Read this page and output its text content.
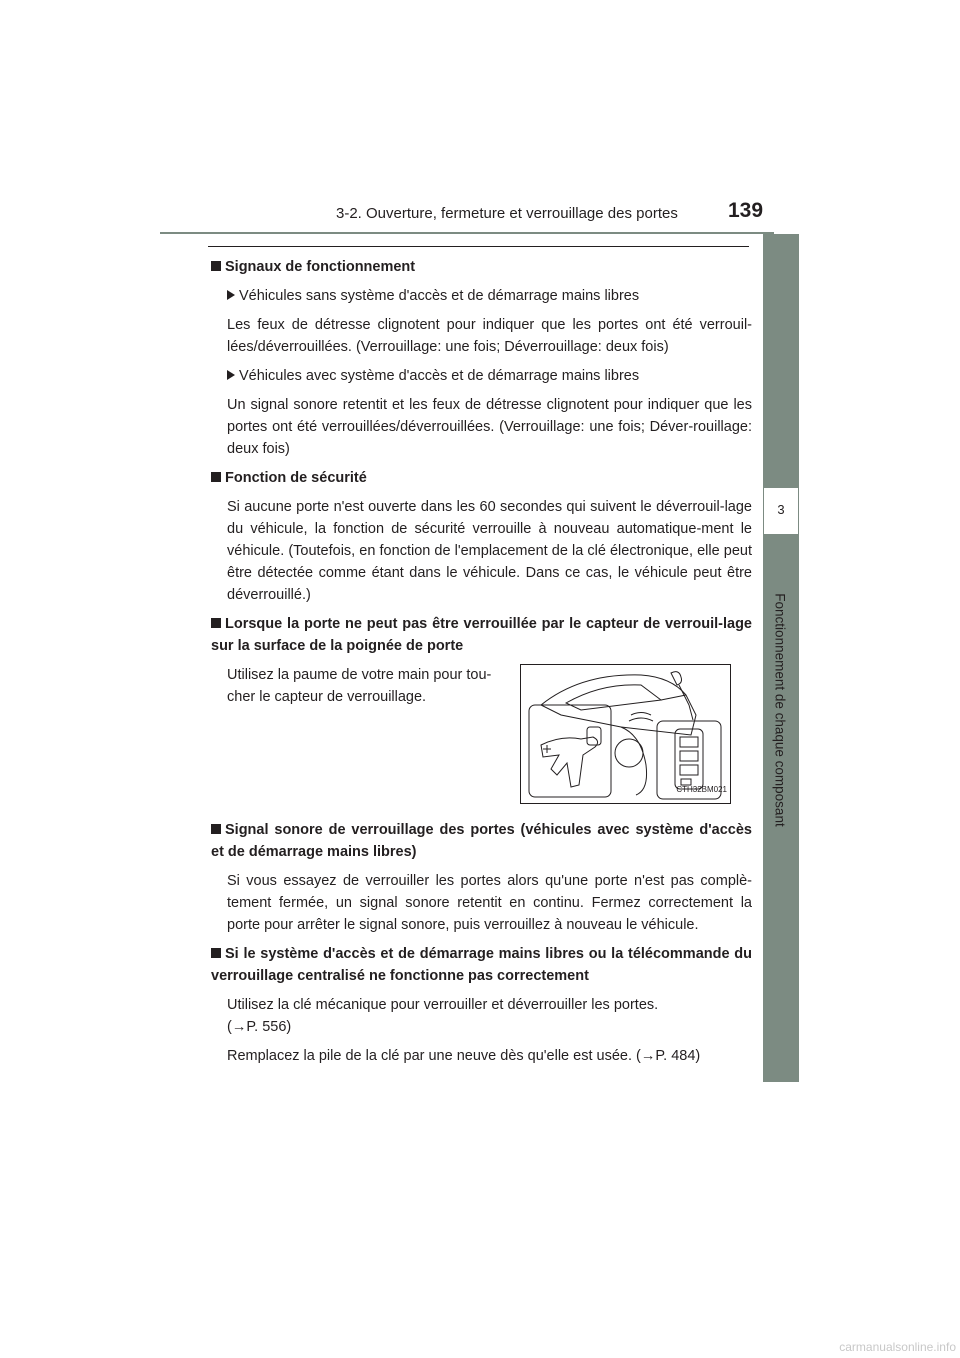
3-2. Ouverture, fermeture et verrouillage des portes 139
3
Fonctionnement de chaque composant
Signaux de fonctionnement
Véhicules sans système d'accès et de démarrage mains libres
Les feux de détresse clignotent pour indiquer que les portes ont été verrouil-lées/déverrouillées. (Verrouillage: une fois; Déverrouillage: deux fois)
Véhicules avec système d'accès et de démarrage mains libres
Un signal sonore retentit et les feux de détresse clignotent pour indiquer que les portes ont été verrouillées/déverrouillées. (Verrouillage: une fois; Déver-rouillage: deux fois)
Fonction de sécurité
Si aucune porte n'est ouverte dans les 60 secondes qui suivent le déverrouil-lage du véhicule, la fonction de sécurité verrouille à nouveau automatique-ment le véhicule. (Toutefois, en fonction de l'emplacement de la clé électronique, elle peut être détectée comme étant dans le véhicule. Dans ce cas, le véhicule peut être déverrouillé.)
Lorsque la porte ne peut pas être verrouillée par le capteur de verrouil-lage sur la surface de la poignée de porte
Utilisez la paume de votre main pour tou-cher le capteur de verrouillage.
CTH32BM021
Signal sonore de verrouillage des portes (véhicules avec système d'accès et de démarrage mains libres)
Si vous essayez de verrouiller les portes alors qu'une porte n'est pas complè-tement fermée, un signal sonore retentit en continu. Fermez correctement la porte pour arrêter le signal sonore, puis verrouillez à nouveau le véhicule.
Si le système d'accès et de démarrage mains libres ou la télécommande du verrouillage centralisé ne fonctionne pas correctement
Utilisez la clé mécanique pour verrouiller et déverrouiller les portes.
(→P. 556)
Remplacez la pile de la clé par une neuve dès qu'elle est usée. (→P. 484)
carmanualsonline.info
